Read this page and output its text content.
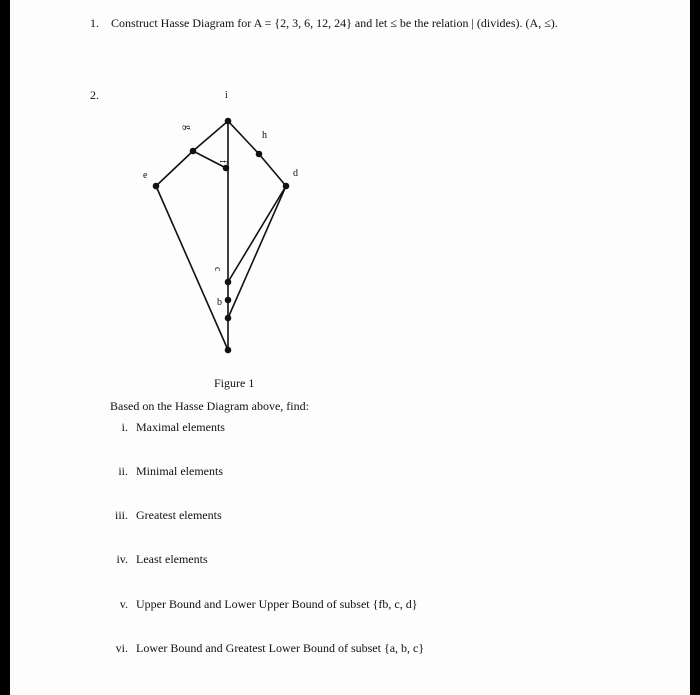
1. Construct Hasse Diagram for A = {2, 3, 6, 12, 24} and let ≤ be the relation | (divides). (A, ≤).
2.	i
g
h
f
e	d
c
b
Figure 1
Based on the Hasse Diagram above, find:
i. Maximal elements
ii. Minimal elements
iii. Greatest elements
iv. Least elements
v. Upper Bound and Lower Upper Bound of subset {fb, c, d}
vi. Lower Bound and Greatest Lower Bound of subset {a, b, c}
